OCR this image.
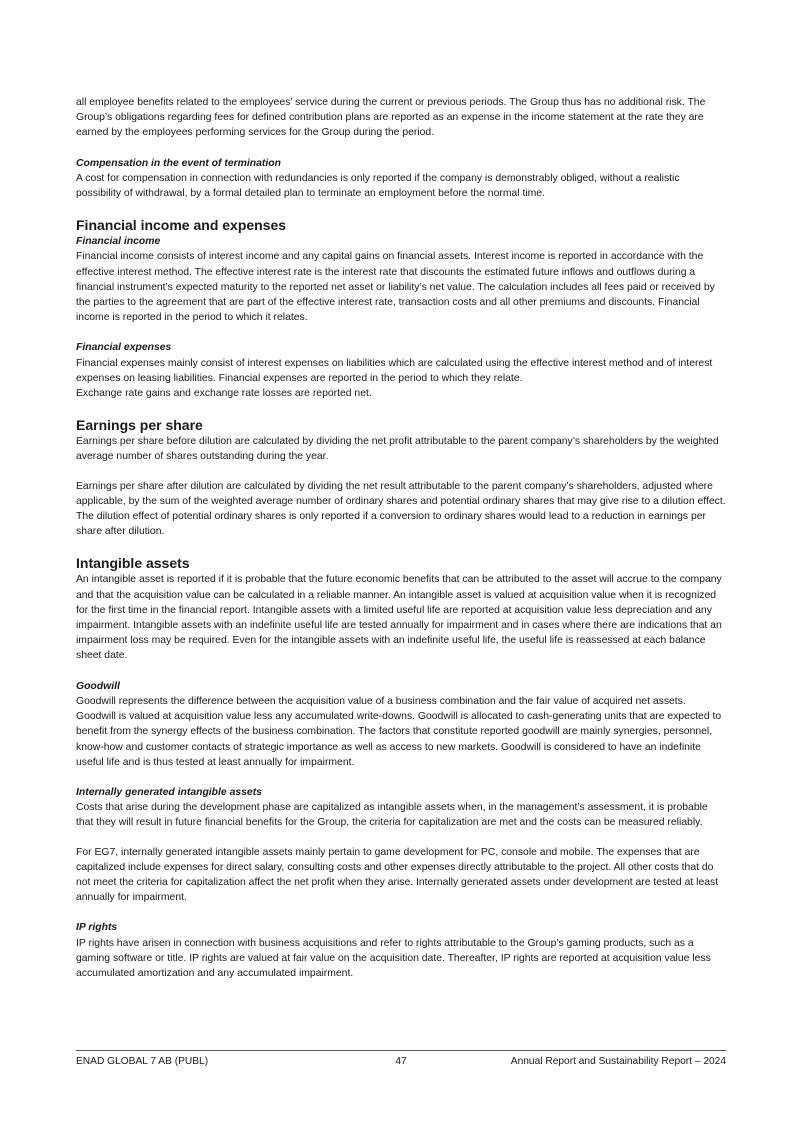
all employee benefits related to the employees’ service during the current or previous periods. The Group thus has no additional risk. The Group’s obligations regarding fees for defined contribution plans are reported as an expense in the income statement at the rate they are earned by the employees performing services for the Group during the period.

Compensation in the event of termination

A cost for compensation in connection with redundancies is only reported if the company is demonstrably obliged, without a realistic possibility of withdrawal, by a formal detailed plan to terminate an employment before the normal time.

Financial income and expenses
Financial income

Financial income consists of interest income and any capital gains on financial assets. Interest income is reported in accordance with the effective interest method. The effective interest rate is the interest rate that discounts the estimated future inflows and outflows during a financial instrument’s expected maturity to the reported net asset or liability’s net value. The calculation includes all fees paid or received by the parties to the agreement that are part of the effective interest rate, transaction costs and all other premiums and discounts. Financial income is reported in the period to which it relates.

Financial expenses

Financial expenses mainly consist of interest expenses on liabilities which are calculated using the effective interest method and of interest expenses on leasing liabilities. Financial expenses are reported in the period to which they relate.

Exchange rate gains and exchange rate losses are reported net.

Earnings per share

Earnings per share before dilution are calculated by dividing the net profit attributable to the parent company’s shareholders by the weighted average number of shares outstanding during the year.

Earnings per share after dilution are calculated by dividing the net result attributable to the parent company’s shareholders, adjusted where applicable, by the sum of the weighted average number of ordinary shares and potential ordinary shares that may give rise to a dilution effect. The dilution effect of potential ordinary shares is only reported if a conversion to ordinary shares would lead to a reduction in earnings per share after dilution.

Intangible assets

An intangible asset is reported if it is probable that the future economic benefits that can be attributed to the asset will accrue to the company and that the acquisition value can be calculated in a reliable manner. An intangible asset is valued at acquisition value when it is recognized for the first time in the financial report. Intangible assets with a limited useful life are reported at acquisition value less depreciation and any impairment. Intangible assets with an indefinite useful life are tested annually for impairment and in cases where there are indications that an impairment loss may be required. Even for the intangible assets with an indefinite useful life, the useful life is reassessed at each balance sheet date.

Goodwill

Goodwill represents the difference between the acquisition value of a business combination and the fair value of acquired net assets. Goodwill is valued at acquisition value less any accumulated write-downs. Goodwill is allocated to cash-generating units that are expected to benefit from the synergy effects of the business combination. The factors that constitute reported goodwill are mainly synergies, personnel, know-how and customer contacts of strategic importance as well as access to new markets. Goodwill is considered to have an indefinite useful life and is thus tested at least annually for impairment.

Internally generated intangible assets

Costs that arise during the development phase are capitalized as intangible assets when, in the management’s assessment, it is probable that they will result in future financial benefits for the Group, the criteria for capitalization are met and the costs can be measured reliably.

For EG7, internally generated intangible assets mainly pertain to game development for PC, console and mobile. The expenses that are capitalized include expenses for direct salary, consulting costs and other expenses directly attributable to the project. All other costs that do not meet the criteria for capitalization affect the net profit when they arise. Internally generated assets under development are tested at least annually for impairment.

IP rights

IP rights have arisen in connection with business acquisitions and refer to rights attributable to the Group’s gaming products, such as a gaming software or title. IP rights are valued at fair value on the acquisition date. Thereafter, IP rights are reported at acquisition value less accumulated amortization and any accumulated impairment.

ENAD GLOBAL 7 AB (PUBL)	47	Annual Report and Sustainability Report – 2024
